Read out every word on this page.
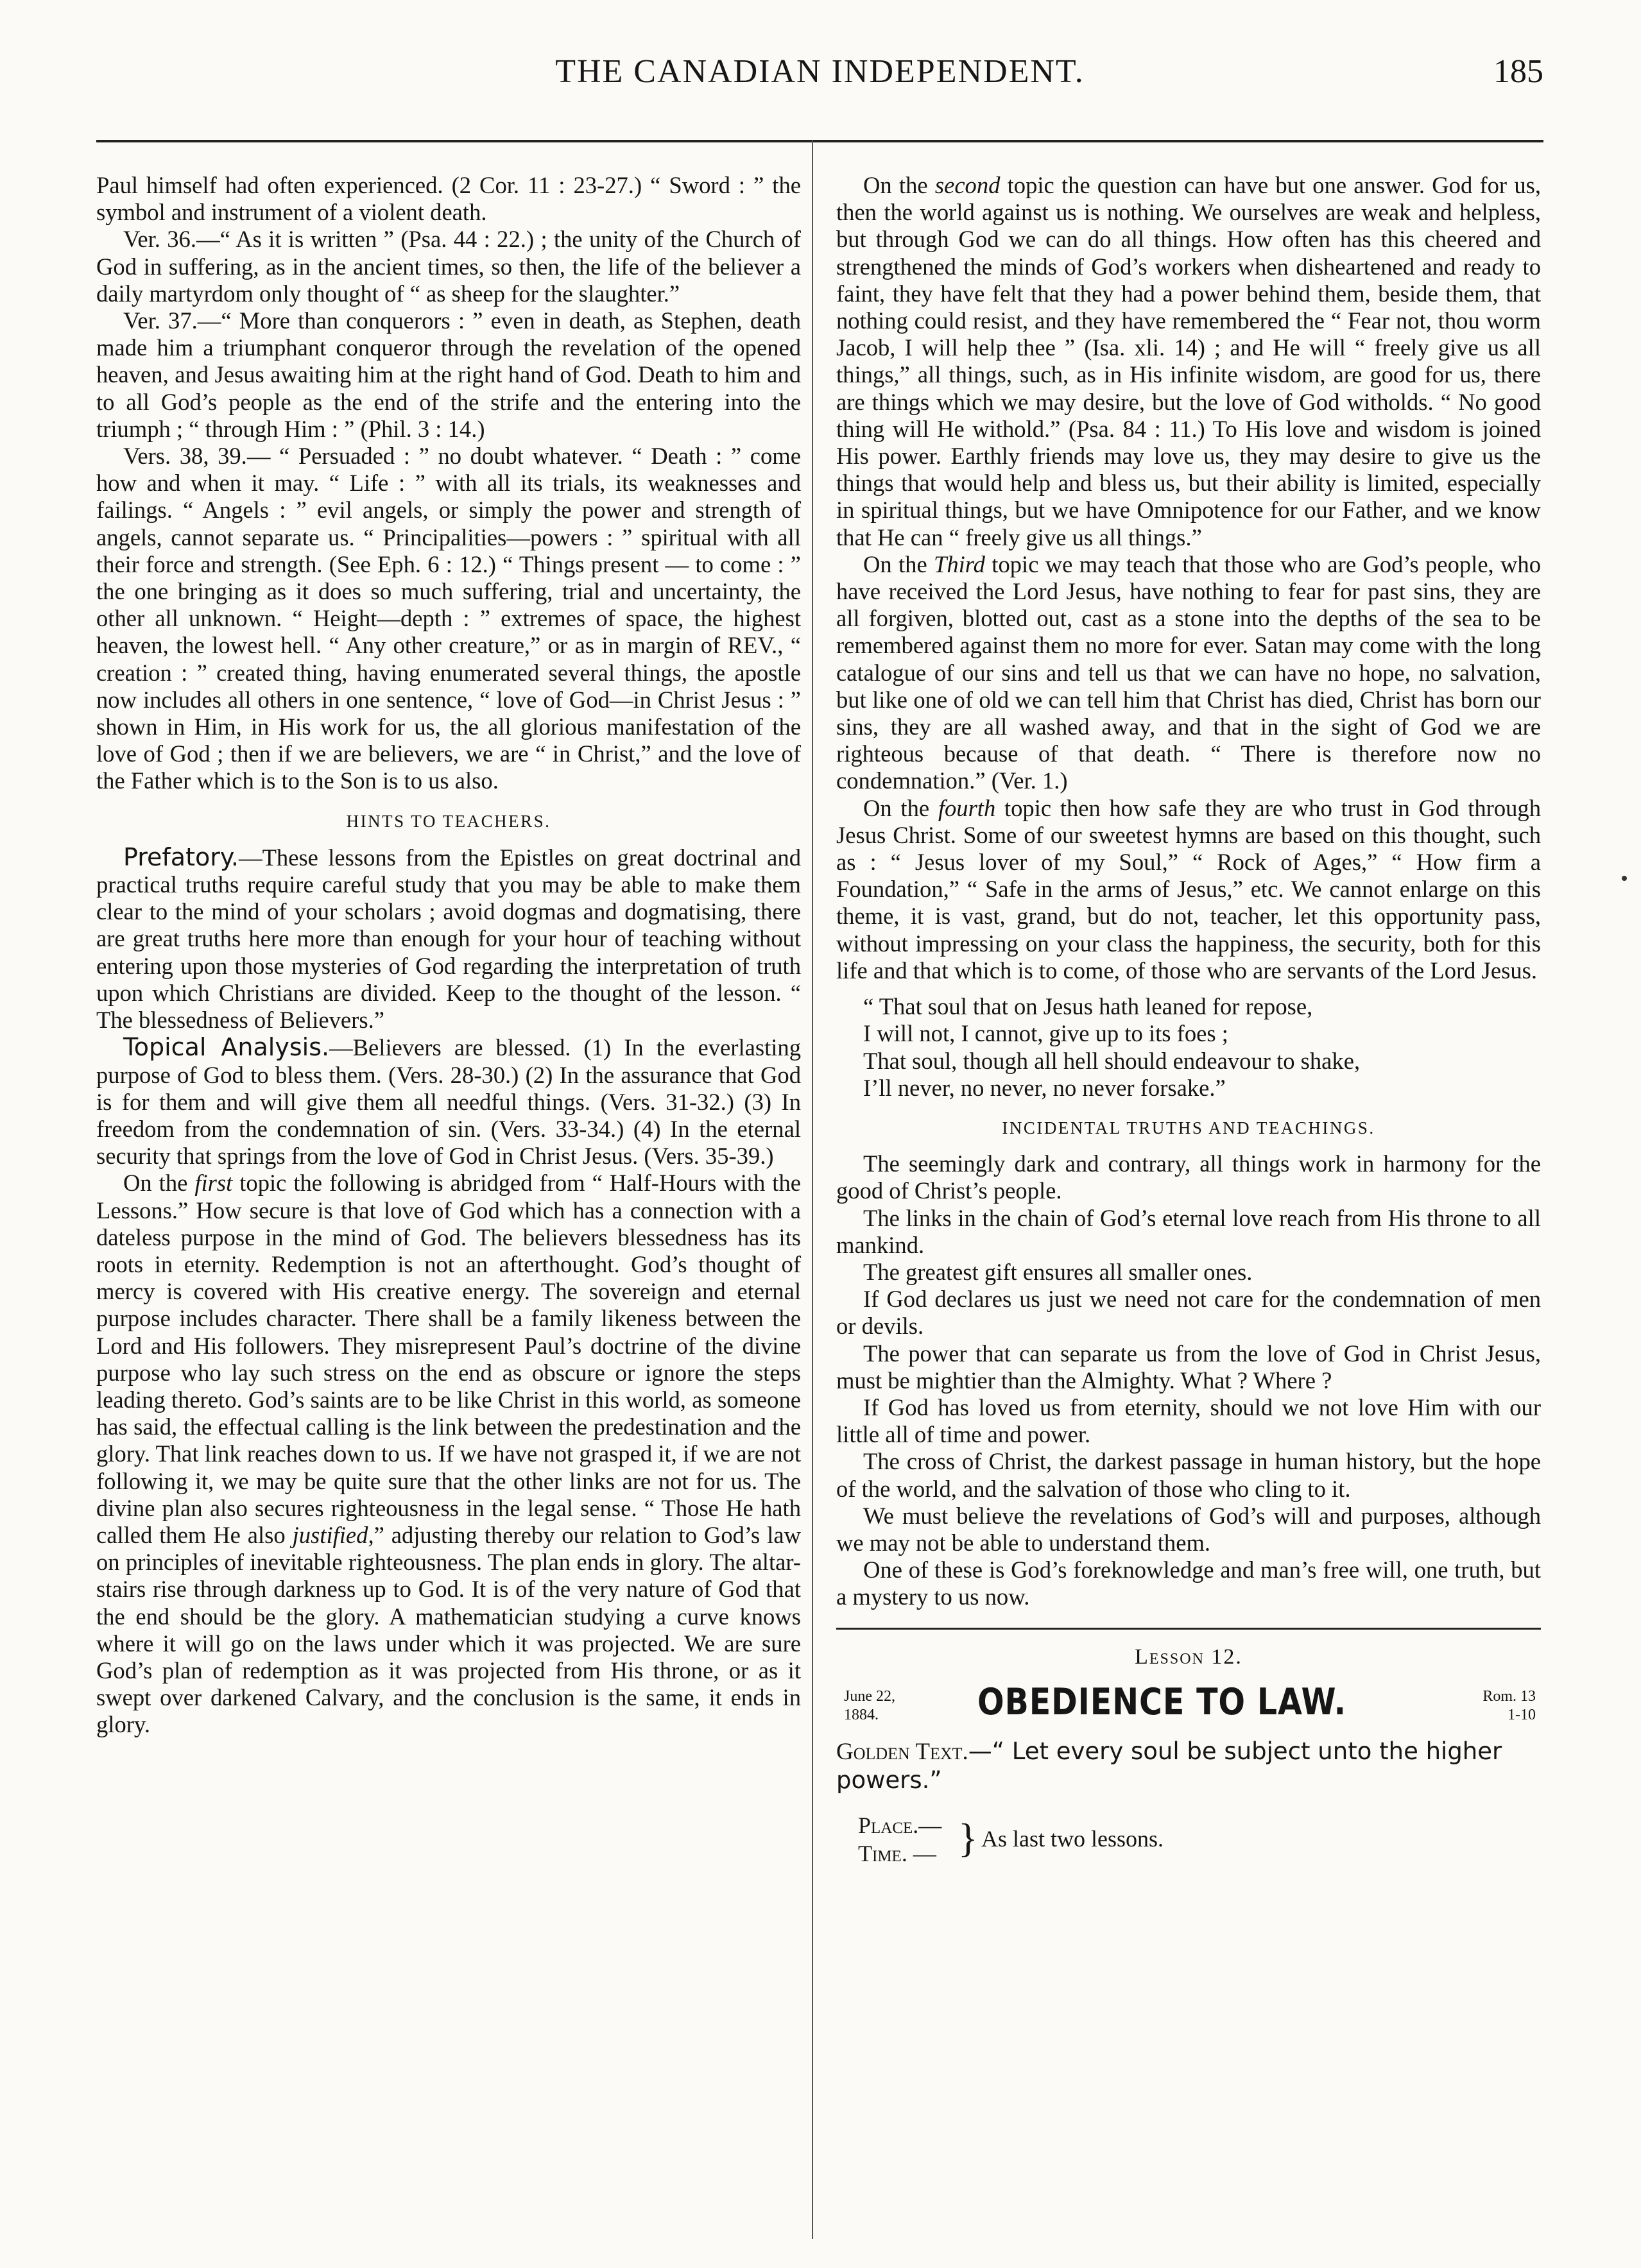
THE CANADIAN INDEPENDENT.	185

Paul himself had often experienced. (2 Cor. 11 : 23-27.) “ Sword : ” the symbol and instrument of a violent death.

Ver. 36.—“ As it is written ” (Psa. 44 : 22.) ; the unity of the Church of God in suffering, as in the ancient times, so then, the life of the believer a daily martyrdom only thought of “ as sheep for the slaughter.”

Ver. 37.—“ More than conquerors : ” even in death, as Stephen, death made him a triumphant conqueror through the revelation of the opened heaven, and Jesus awaiting him at the right hand of God. Death to him and to all God’s people as the end of the strife and the entering into the triumph ; “ through Him : ” (Phil. 3 : 14.)

Vers. 38, 39.— “ Persuaded : ” no doubt whatever. “ Death : ” come how and when it may. “ Life : ” with all its trials, its weaknesses and failings. “ Angels : ” evil angels, or simply the power and strength of angels, cannot separate us. “ Principalities—powers : ” spiritual with all their force and strength. (See Eph. 6 : 12.) “ Things present — to come : ” the one bringing as it does so much suffering, trial and uncertainty, the other all unknown. “ Height—depth : ” extremes of space, the highest heaven, the lowest hell. “ Any other creature,” or as in margin of REV., “ creation : ” created thing, having enumerated several things, the apostle now includes all others in one sentence, “ love of God—in Christ Jesus : ” shown in Him, in His work for us, the all glorious manifestation of the love of God ; then if we are believers, we are “ in Christ,” and the love of the Father which is to the Son is to us also.

HINTS TO TEACHERS.

Prefatory.—These lessons from the Epistles on great doctrinal and practical truths require careful study that you may be able to make them clear to the mind of your scholars ; avoid dogmas and dogmatising, there are great truths here more than enough for your hour of teaching without entering upon those mysteries of God regarding the interpretation of truth upon which Christians are divided. Keep to the thought of the lesson. “ The blessedness of Believers.”

Topical Analysis.—Believers are blessed. (1) In the everlasting purpose of God to bless them. (Vers. 28-30.) (2) In the assurance that God is for them and will give them all needful things. (Vers. 31-32.) (3) In freedom from the condemnation of sin. (Vers. 33-34.) (4) In the eternal security that springs from the love of God in Christ Jesus. (Vers. 35-39.)

On the first topic the following is abridged from “ Half-Hours with the Lessons.” How secure is that love of God which has a connection with a dateless purpose in the mind of God. The believers blessedness has its roots in eternity. Redemption is not an afterthought. God’s thought of mercy is covered with His creative energy. The sovereign and eternal purpose includes character. There shall be a family likeness between the Lord and His followers. They misrepresent Paul’s doctrine of the divine purpose who lay such stress on the end as obscure or ignore the steps leading thereto. God’s saints are to be like Christ in this world, as someone has said, the effectual calling is the link between the predestination and the glory. That link reaches down to us. If we have not grasped it, if we are not following it, we may be quite sure that the other links are not for us. The divine plan also secures righteousness in the legal sense. “ Those He hath called them He also justified,” adjusting thereby our relation to God’s law on principles of inevitable righteousness. The plan ends in glory. The altar-stairs rise through darkness up to God. It is of the very nature of God that the end should be the glory. A mathematician studying a curve knows where it will go on the laws under which it was projected. We are sure God’s plan of redemption as it was projected from His throne, or as it swept over darkened Calvary, and the conclusion is the same, it ends in glory.

On the second topic the question can have but one answer. God for us, then the world against us is nothing. We ourselves are weak and helpless, but through God we can do all things. How often has this cheered and strengthened the minds of God’s workers when disheartened and ready to faint, they have felt that they had a power behind them, beside them, that nothing could resist, and they have remembered the “ Fear not, thou worm Jacob, I will help thee ” (Isa. xli. 14) ; and He will “ freely give us all things,” all things, such, as in His infinite wisdom, are good for us, there are things which we may desire, but the love of God witholds. “ No good thing will He withold.” (Psa. 84 : 11.) To His love and wisdom is joined His power. Earthly friends may love us, they may desire to give us the things that would help and bless us, but their ability is limited, especially in spiritual things, but we have Omnipotence for our Father, and we know that He can “ freely give us all things.”

On the Third topic we may teach that those who are God’s people, who have received the Lord Jesus, have nothing to fear for past sins, they are all forgiven, blotted out, cast as a stone into the depths of the sea to be remembered against them no more for ever. Satan may come with the long catalogue of our sins and tell us that we can have no hope, no salvation, but like one of old we can tell him that Christ has died, Christ has born our sins, they are all washed away, and that in the sight of God we are righteous because of that death. “ There is therefore now no condemnation.” (Ver. 1.)

On the fourth topic then how safe they are who trust in God through Jesus Christ. Some of our sweetest hymns are based on this thought, such as : “ Jesus lover of my Soul,” “ Rock of Ages,” “ How firm a Foundation,” “ Safe in the arms of Jesus,” etc. We cannot enlarge on this theme, it is vast, grand, but do not, teacher, let this opportunity pass, without impressing on your class the happiness, the security, both for this life and that which is to come, of those who are servants of the Lord Jesus.

“ That soul that on Jesus hath leaned for repose,
I will not, I cannot, give up to its foes ;
That soul, though all hell should endeavour to shake,
I’ll never, no never, no never forsake.”

INCIDENTAL TRUTHS AND TEACHINGS.

The seemingly dark and contrary, all things work in harmony for the good of Christ’s people.

The links in the chain of God’s eternal love reach from His throne to all mankind.

The greatest gift ensures all smaller ones.

If God declares us just we need not care for the condemnation of men or devils.

The power that can separate us from the love of God in Christ Jesus, must be mightier than the Almighty. What ? Where ?

If God has loved us from eternity, should we not love Him with our little all of time and power.

The cross of Christ, the darkest passage in human history, but the hope of the world, and the salvation of those who cling to it.

We must believe the revelations of God’s will and purposes, although we may not be able to understand them.

One of these is God’s foreknowledge and man’s free will, one truth, but a mystery to us now.

Lesson 12.
June 22,
1884.	OBEDIENCE TO LAW.	Rom. 13
1-10
Golden Text.—“ Let every soul be subject unto the higher powers.”
Place.—
Time. — } As last two lessons.
